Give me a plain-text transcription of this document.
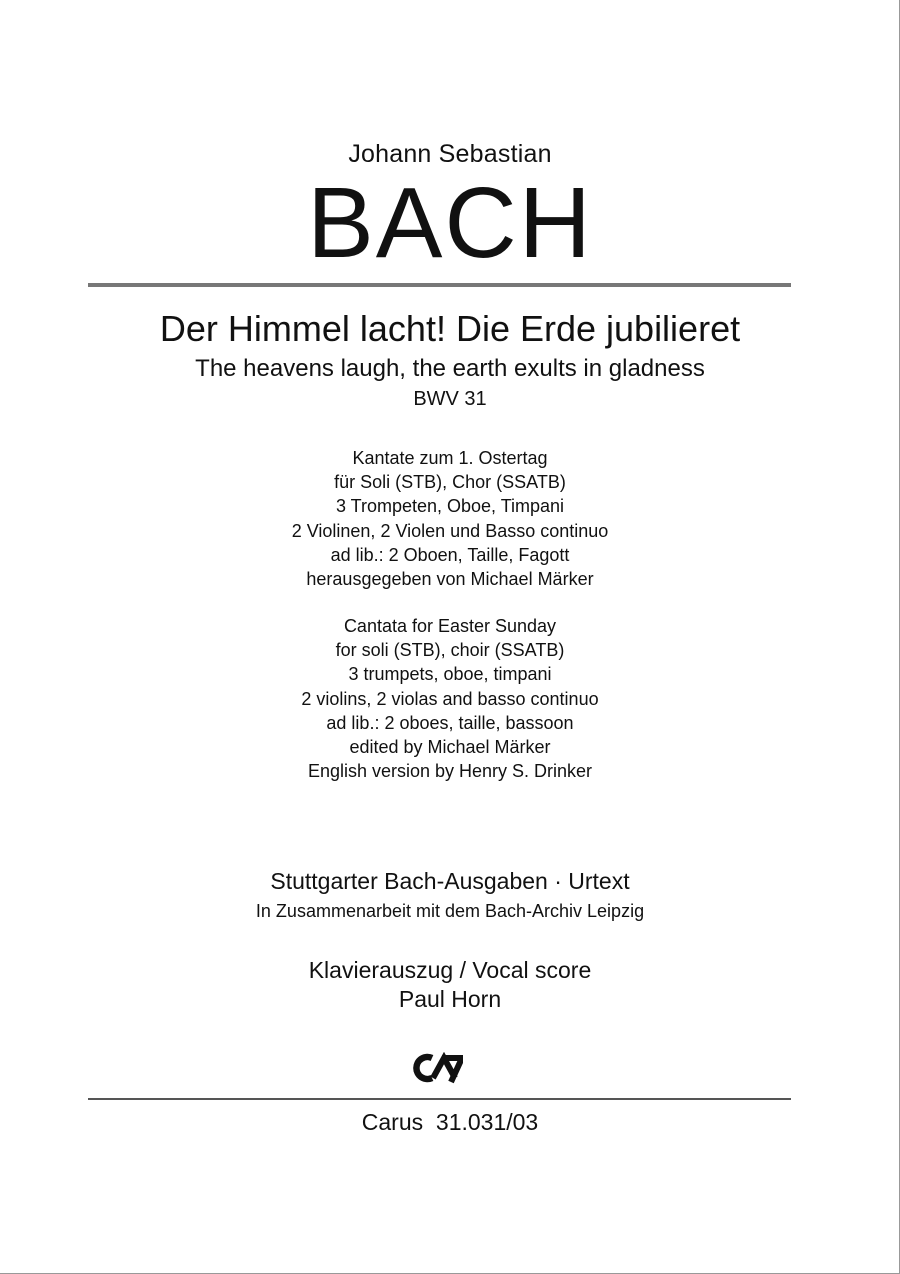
Johann Sebastian
BACH
Der Himmel lacht! Die Erde jubilieret
The heavens laugh, the earth exults in gladness
BWV 31
Kantate zum 1. Ostertag
für Soli (STB), Chor (SSATB)
3 Trompeten, Oboe, Timpani
2 Violinen, 2 Violen und Basso continuo
ad lib.: 2 Oboen, Taille, Fagott
herausgegeben von Michael Märker
Cantata for Easter Sunday
for soli (STB), choir (SSATB)
3 trumpets, oboe, timpani
2 violins, 2 violas and basso continuo
ad lib.: 2 oboes, taille, bassoon
edited by Michael Märker
English version by Henry S. Drinker
Stuttgarter Bach-Ausgaben · Urtext
In Zusammenarbeit mit dem Bach-Archiv Leipzig
Klavierauszug / Vocal score
Paul Horn
Carus  31.031/03
